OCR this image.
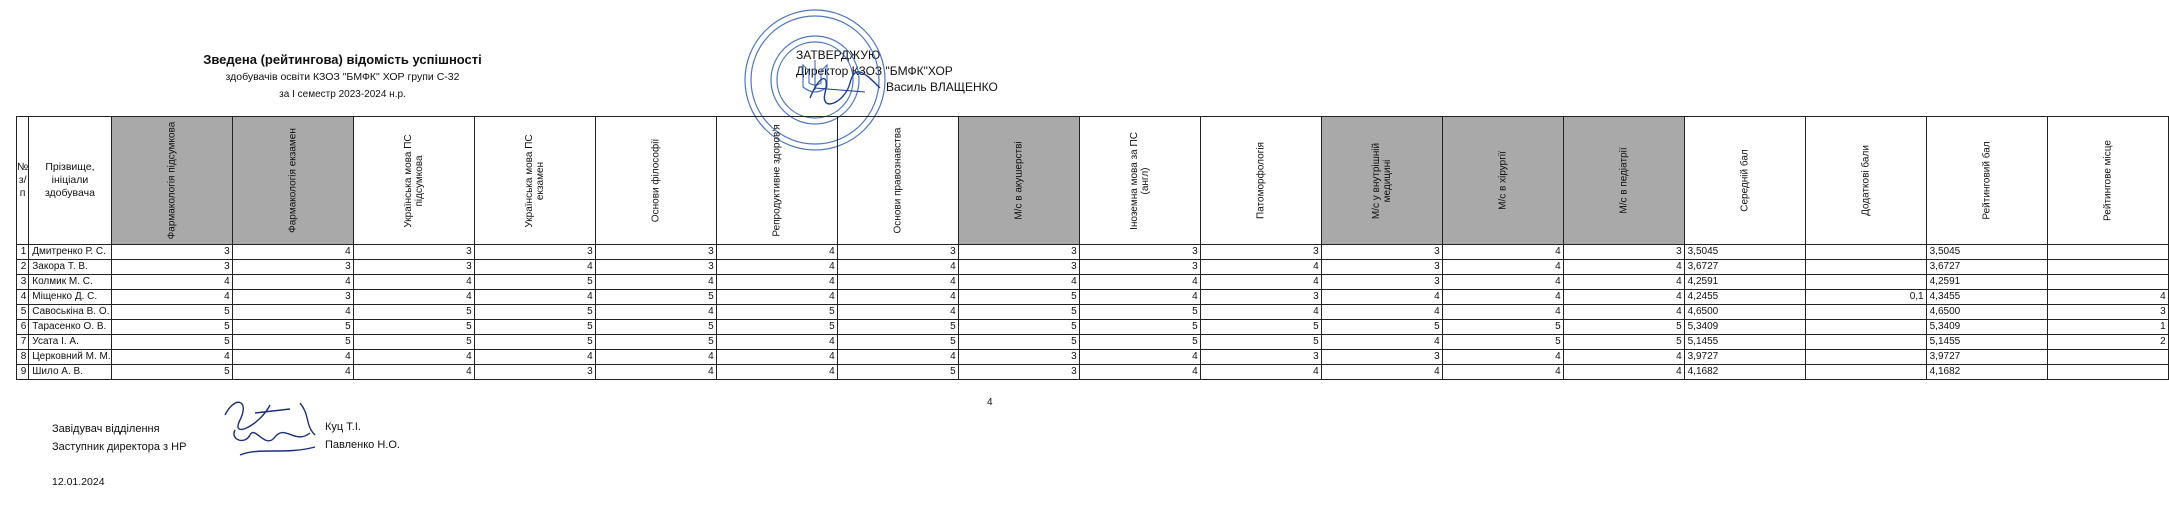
Зведена (рейтингова) відомість успішності
здобувачів освіти КЗОЗ "БМФК" ХОР групи С-32
за І семестр 2023-2024 н.р.
ЗАТВЕРДЖУЮ
Директор КЗОЗ "БМФК"ХОР
Василь ВЛАЩЕНКО
№ з/п	Прізвище, ініціали здобувача	Фармакологія підсумкова	Фармакологія екзамен	Українська мова ПС підсумкова	Українська мова ПС екзамен	Основи філософії	Репродуктивне здоров'я	Основи правознавства	М/с в акушерстві	Іноземна мова за ПС (англ)	Патоморфологія	М/с у внутрішній медицині	М/с в хірургії	М/с в педіатрії	Середній бал	Додаткові бали	Рейтинговий бал	Рейтингове місце
1	Дмитренко Р. С.	3	4	3	3	3	4	3	3	3	3	3	4	3	3,5045		3,5045	
2	Закора Т. В.	3	3	3	4	3	4	4	3	3	4	3	4	4	3,6727		3,6727	
3	Колмик М. С.	4	4	4	5	4	4	4	4	4	4	3	4	4	4,2591		4,2591	
4	Міщенко Д. С.	4	3	4	4	5	4	4	5	4	3	4	4	4	4,2455	0,1	4,3455	4
5	Савоськіна В. О.	5	4	5	5	4	5	4	5	5	4	4	4	4	4,6500		4,6500	3
6	Тарасенко О. В.	5	5	5	5	5	5	5	5	5	5	5	5	5	5,3409		5,3409	1
7	Усата І. А.	5	5	5	5	5	4	5	5	5	5	4	5	5	5,1455		5,1455	2
8	Церковний М. М.	4	4	4	4	4	4	4	3	4	3	3	4	4	3,9727		3,9727	
9	Шило А. В.	5	4	4	3	4	4	5	3	4	4	4	4	4	4,1682		4,1682	
4
Завідувач відділення
Заступник директора з НР
Куц Т.І.
Павленко Н.О.
12.01.2024
